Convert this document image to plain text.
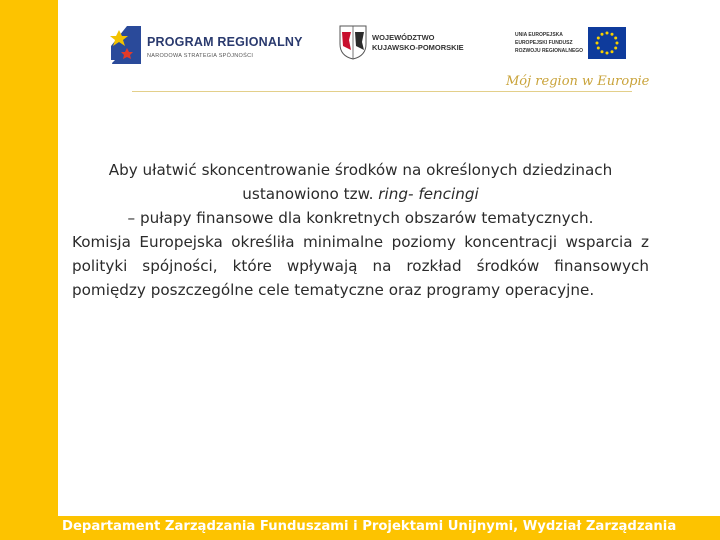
PROGRAM REGIONALNY
NARODOWA STRATEGIA SPÓJNOŚCI
WOJEWÓDZTWO
KUJAWSKO-POMORSKIE
UNIA EUROPEJSKA
EUROPEJSKI FUNDUSZ
ROZWOJU REGIONALNEGO
Mój region w Europie
Aby ułatwić skoncentrowanie środków na określonych dziedzinach
ustanowiono tzw. ring- fencingi
– pułapy finansowe dla konkretnych obszarów tematycznych.
Komisja Europejska określiła minimalne poziomy koncentracji wsparcia z polityki spójności, które wpływają na rozkład środków finansowych pomiędzy poszczególne cele tematyczne oraz programy operacyjne.
Departament Zarządzania Funduszami i Projektami Unijnymi, Wydział Zarządzania
